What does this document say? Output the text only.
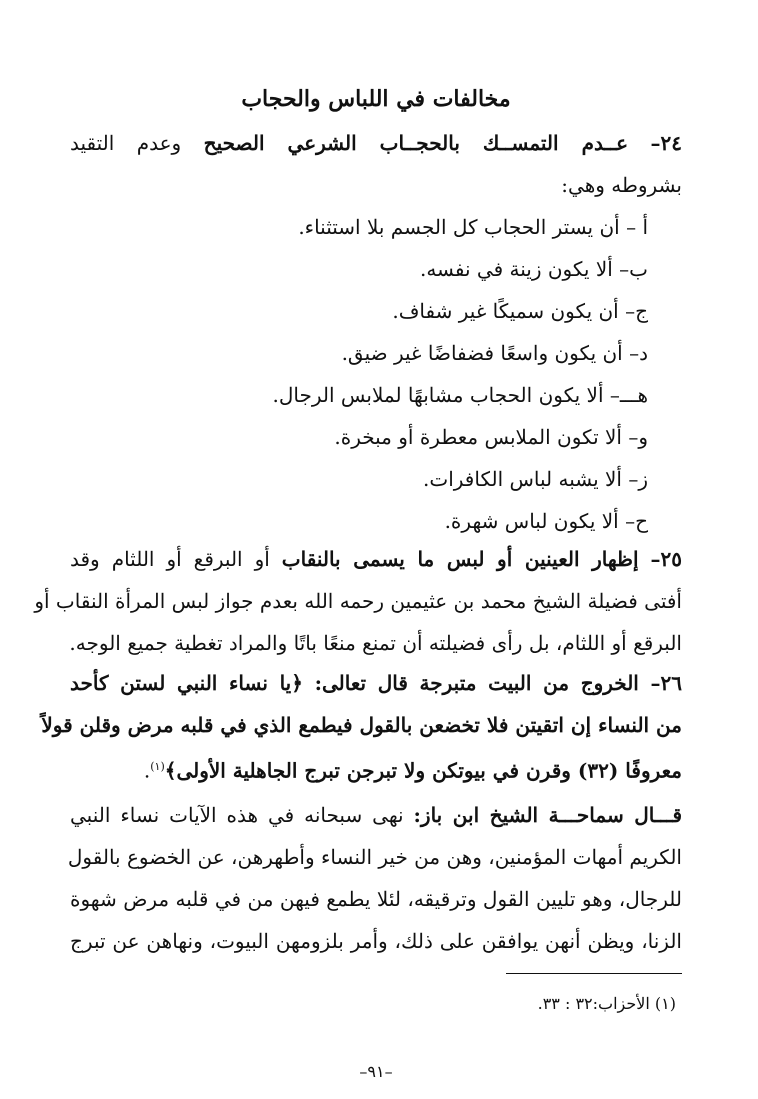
مخالفات في اللباس والحجاب
٢٤– عــدم التمســك بالحجــاب الشرعي الصحيح وعدم التقيد
بشروطه وهي:
أ – أن يستر الحجاب كل الجسم بلا استثناء.
ب– ألا يكون زينة في نفسه.
ج– أن يكون سميكًا غير شفاف.
د– أن يكون واسعًا فضفاضًا غير ضيق.
هـــ– ألا يكون الحجاب مشابهًا لملابس الرجال.
و– ألا تكون الملابس معطرة أو مبخرة.
ز– ألا يشبه لباس الكافرات.
ح– ألا يكون لباس شهرة.
٢٥– إظهار العينين أو لبس ما يسمى بالنقاب أو البرقع أو اللثام وقد
أفتى فضيلة الشيخ محمد بن عثيمين رحمه الله بعدم جواز لبس المرأة النقاب أو
البرقع أو اللثام، بل رأى فضيلته أن تمنع منعًا باتًا والمراد تغطية جميع الوجه.
٢٦– الخروج من البيت متبرجة قال تعالى: ﴿يا نساء النبي لستن كأحد
من النساء إن اتقيتن فلا تخضعن بالقول فيطمع الذي في قلبه مرض وقلن قولاً
معروفًا (٣٢) وقرن في بيوتكن ولا تبرجن تبرج الجاهلية الأولى﴾$^{(١)}$.
قـــال سماحـــة الشيخ ابن باز: نهى سبحانه في هذه الآيات نساء النبي
الكريم أمهات المؤمنين، وهن من خير النساء وأطهرهن، عن الخضوع بالقول
للرجال، وهو تليين القول وترقيقه، لئلا يطمع فيهن من في قلبه مرض شهوة
الزنا، ويظن أنهن يوافقن على ذلك، وأمر بلزومهن البيوت، ونهاهن عن تبرج
(١) الأحزاب:٣٢ : ٣٣.
–٩١–
